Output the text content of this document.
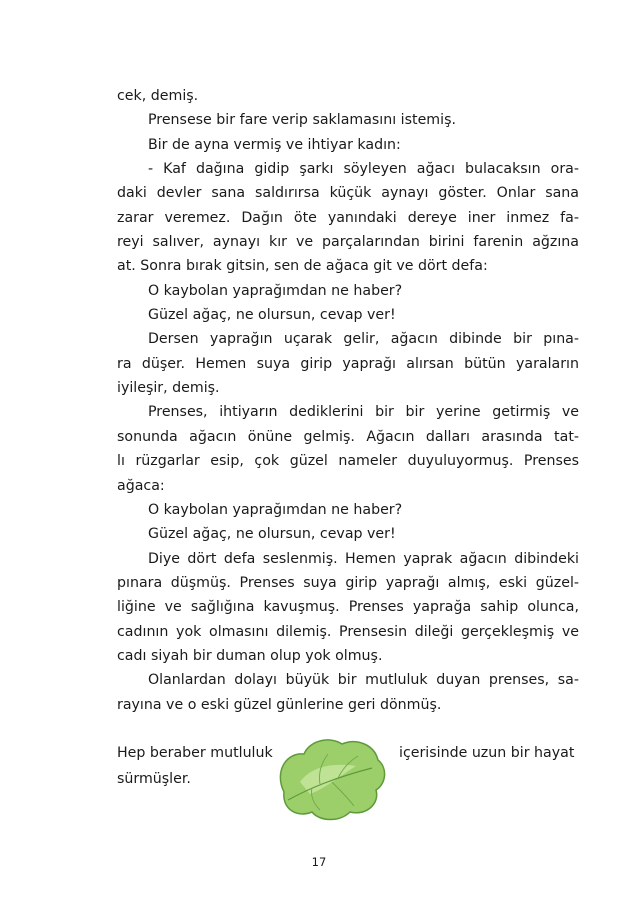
cek, demiş.
Prensese bir fare verip saklamasını istemiş.
Bir de ayna vermiş ve ihtiyar kadın:
- Kaf dağına gidip şarkı söyleyen ağacı bulacaksın ora-
daki devler sana saldırırsa küçük aynayı göster. Onlar sana
zarar veremez. Dağın öte yanındaki dereye iner inmez fa-
reyi salıver, aynayı kır ve parçalarından birini farenin ağzına
at. Sonra bırak gitsin, sen de ağaca git ve dört defa:
O kaybolan yaprağımdan ne haber?
Güzel ağaç, ne olursun, cevap ver!
Dersen yaprağın uçarak gelir, ağacın dibinde bir pına-
ra düşer. Hemen suya girip yaprağı alırsan bütün yaraların
iyileşir, demiş.
Prenses, ihtiyarın dediklerini bir bir yerine getirmiş ve
sonunda ağacın önüne gelmiş. Ağacın dalları arasında tat-
lı rüzgarlar esip, çok güzel nameler duyuluyormuş. Prenses
ağaca:
O kaybolan yaprağımdan ne haber?
Güzel ağaç, ne olursun, cevap ver!
Diye dört defa seslenmiş. Hemen yaprak ağacın dibindeki
pınara düşmüş. Prenses suya girip yaprağı almış, eski güzel-
liğine ve sağlığına kavuşmuş. Prenses yaprağa sahip olunca,
cadının yok olmasını dilemiş. Prensesin dileği gerçekleşmiş ve
cadı siyah bir duman olup yok olmuş.
Olanlardan dolayı büyük bir mutluluk duyan prenses, sa-
rayına ve o eski güzel günlerine geri dönmüş.
Hep beraber mutluluk	içerisinde uzun bir hayat
sürmüşler.
17
